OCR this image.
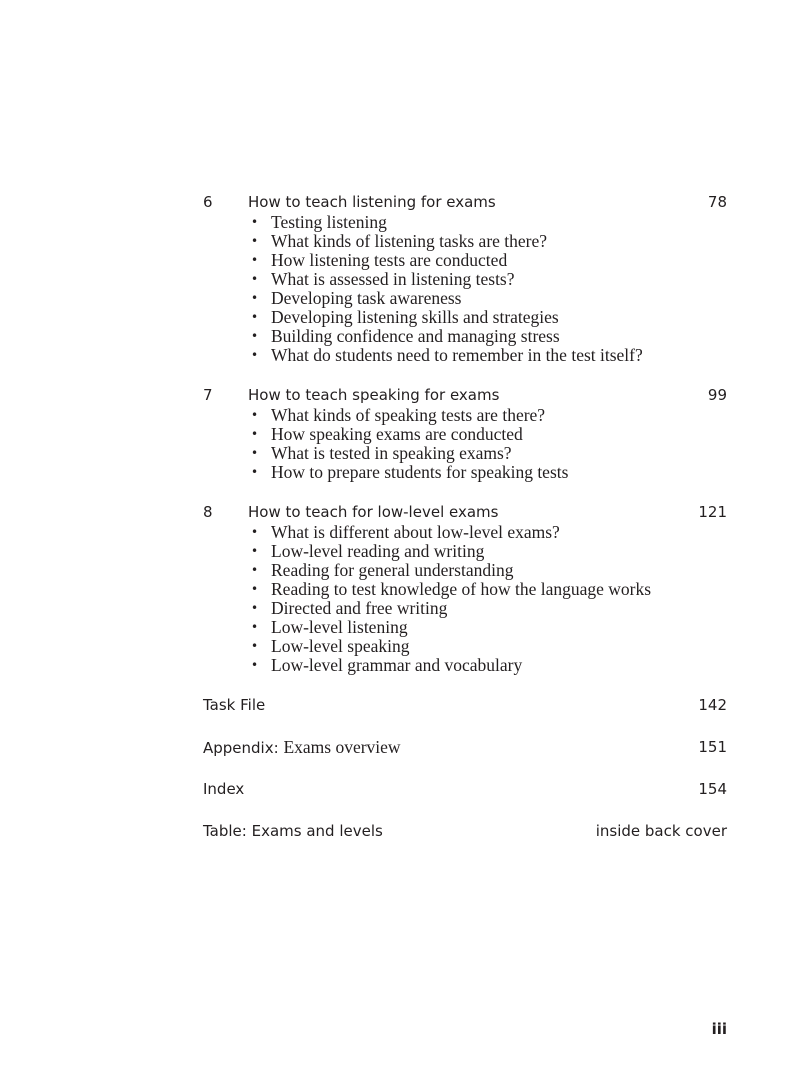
6 How to teach listening for exams	78
• Testing listening
• What kinds of listening tasks are there?
• How listening tests are conducted
• What is assessed in listening tests?
• Developing task awareness
• Developing listening skills and strategies
• Building confidence and managing stress
• What do students need to remember in the test itself?
7 How to teach speaking for exams	99
• What kinds of speaking tests are there?
• How speaking exams are conducted
• What is tested in speaking exams?
• How to prepare students for speaking tests
8 How to teach for low-level exams	121
• What is different about low-level exams?
• Low-level reading and writing
• Reading for general understanding
• Reading to test knowledge of how the language works
• Directed and free writing
• Low-level listening
• Low-level speaking
• Low-level grammar and vocabulary
Task File	142
Appendix: Exams overview	151
Index	154
Table: Exams and levels	inside back cover
iii
